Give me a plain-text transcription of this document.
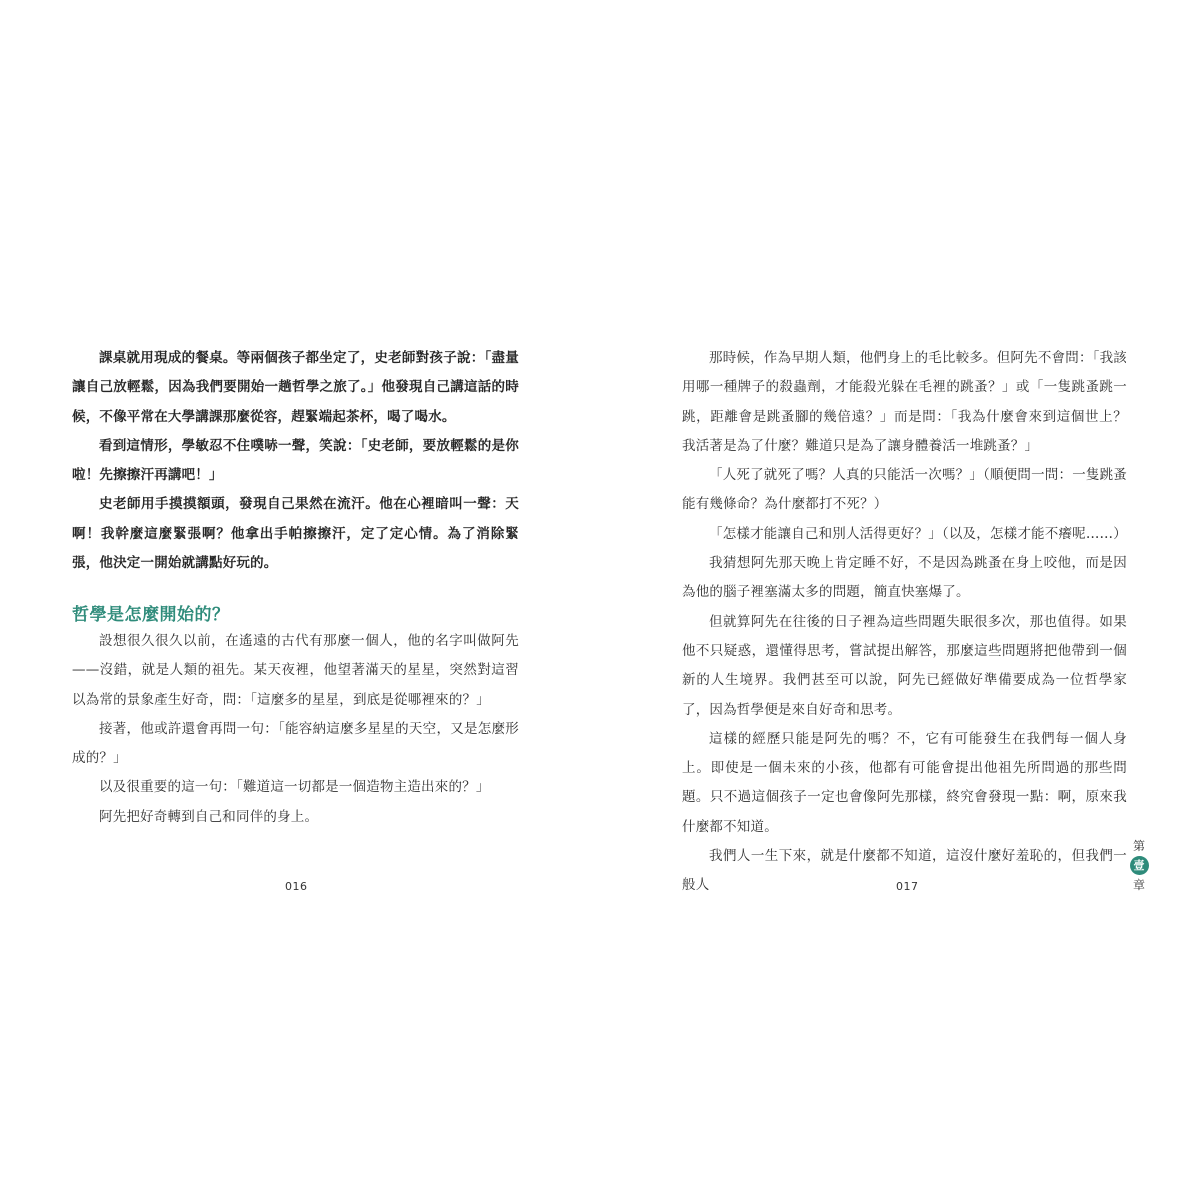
課桌就用現成的餐桌。等兩個孩子都坐定了，史老師對孩子說：「盡量讓自己放輕鬆，因為我們要開始一趟哲學之旅了。」他發現自己講這話的時候，不像平常在大學講課那麼從容，趕緊端起茶杯，喝了喝水。

看到這情形，學敏忍不住噗哧一聲，笑說：「史老師，要放輕鬆的是你啦！先擦擦汗再講吧！」

史老師用手摸摸額頭，發現自己果然在流汗。他在心裡暗叫一聲：天啊！我幹麼這麼緊張啊？他拿出手帕擦擦汗，定了定心情。為了消除緊張，他決定一開始就講點好玩的。

哲學是怎麼開始的？

設想很久很久以前，在遙遠的古代有那麼一個人，他的名字叫做阿先——沒錯，就是人類的祖先。某天夜裡，他望著滿天的星星，突然對這習以為常的景象產生好奇，問：「這麼多的星星，到底是從哪裡來的？」

接著，他或許還會再問一句：「能容納這麼多星星的天空，又是怎麼形成的？」

以及很重要的這一句：「難道這一切都是一個造物主造出來的？」

阿先把好奇轉到自己和同伴的身上。

016

那時候，作為早期人類，他們身上的毛比較多。但阿先不會問：「我該用哪一種牌子的殺蟲劑，才能殺光躲在毛裡的跳蚤？」或「一隻跳蚤跳一跳，距離會是跳蚤腳的幾倍遠？」而是問：「我為什麼會來到這個世上？我活著是為了什麼？難道只是為了讓身體養活一堆跳蚤？」

「人死了就死了嗎？人真的只能活一次嗎？」（順便問一問：一隻跳蚤能有幾條命？為什麼都打不死？）

「怎樣才能讓自己和別人活得更好？」（以及，怎樣才能不癢呢……）

我猜想阿先那天晚上肯定睡不好，不是因為跳蚤在身上咬他，而是因為他的腦子裡塞滿太多的問題，簡直快塞爆了。

但就算阿先在往後的日子裡為這些問題失眠很多次，那也值得。如果他不只疑惑，還懂得思考，嘗試提出解答，那麼這些問題將把他帶到一個新的人生境界。我們甚至可以說，阿先已經做好準備要成為一位哲學家了，因為哲學便是來自好奇和思考。

這樣的經歷只能是阿先的嗎？不，它有可能發生在我們每一個人身上。即使是一個未來的小孩，他都有可能會提出他祖先所問過的那些問題。只不過這個孩子一定也會像阿先那樣，終究會發現一點：啊，原來我什麼都不知道。

我們人一生下來，就是什麼都不知道，這沒什麼好羞恥的，但我們一般人

第
壹
章
017
